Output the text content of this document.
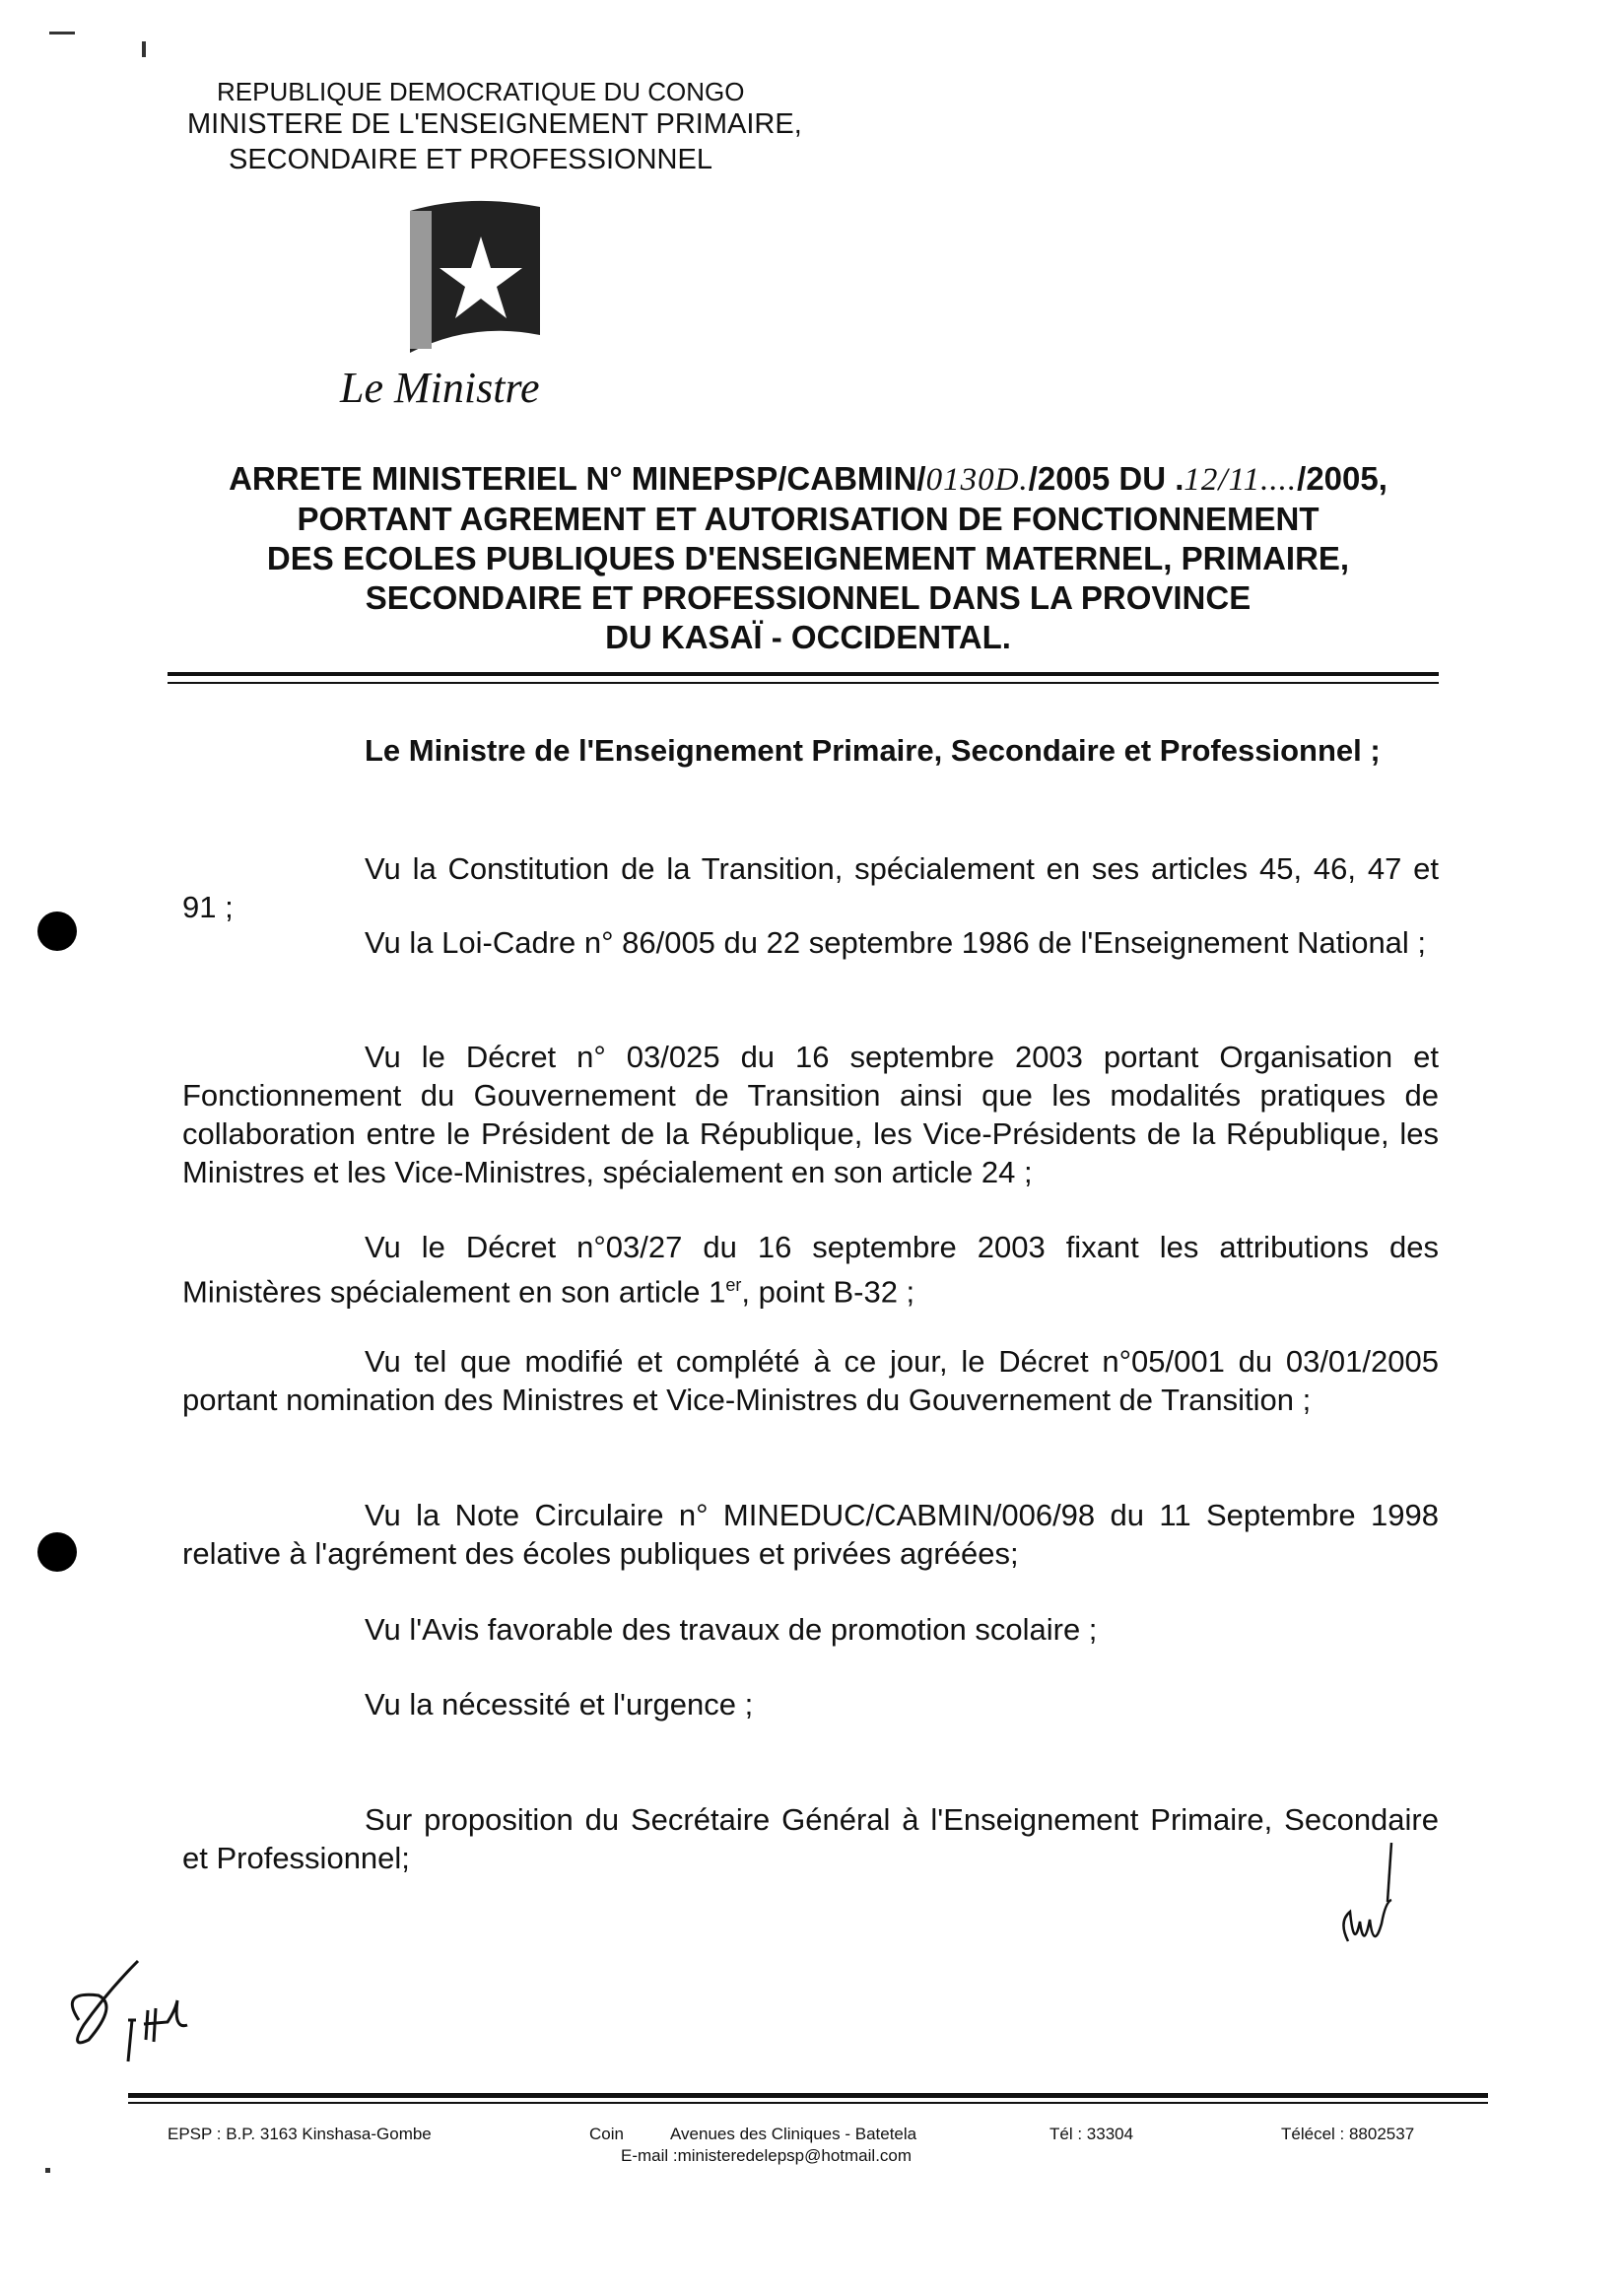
REPUBLIQUE DEMOCRATIQUE DU CONGO
MINISTERE DE L'ENSEIGNEMENT PRIMAIRE,
SECONDAIRE ET PROFESSIONNEL
Le Ministre
ARRETE MINISTERIEL N° MINEPSP/CABMIN/0130D./2005 DU .12/11..../2005,
PORTANT AGREMENT ET AUTORISATION DE FONCTIONNEMENT
DES ECOLES PUBLIQUES D'ENSEIGNEMENT MATERNEL, PRIMAIRE,
SECONDAIRE ET PROFESSIONNEL DANS LA PROVINCE
DU KASAÏ - OCCIDENTAL.
Le Ministre de l'Enseignement Primaire, Secondaire et Professionnel ;
Vu la Constitution de la Transition, spécialement en ses articles 45, 46, 47 et 91 ;
Vu la Loi-Cadre n° 86/005 du 22 septembre 1986 de l'Enseignement National ;
Vu le Décret n° 03/025 du 16 septembre 2003 portant Organisation et Fonctionnement du Gouvernement de Transition ainsi que les modalités pratiques de collaboration entre le Président de la République, les Vice-Présidents de la République, les Ministres et les Vice-Ministres, spécialement en son article 24 ;
Vu le Décret n°03/27 du 16 septembre 2003 fixant les attributions des Ministères spécialement en son article 1er, point B-32 ;
Vu tel que modifié et complété à ce jour, le Décret n°05/001 du 03/01/2005 portant nomination des Ministres et Vice-Ministres du Gouvernement de Transition ;
Vu la Note Circulaire n° MINEDUC/CABMIN/006/98 du 11 Septembre 1998 relative à l'agrément des écoles publiques et privées agréées;
Vu l'Avis favorable des travaux de promotion scolaire ;
Vu la nécessité et l'urgence ;
Sur proposition du Secrétaire Général à l'Enseignement Primaire, Secondaire et Professionnel;
EPSP : B.P. 3163 Kinshasa-Gombe	Coin	Avenues des Cliniques - Batetela
E-mail :ministeredelepsp@hotmail.com
Tél : 33304	Télécel : 8802537
